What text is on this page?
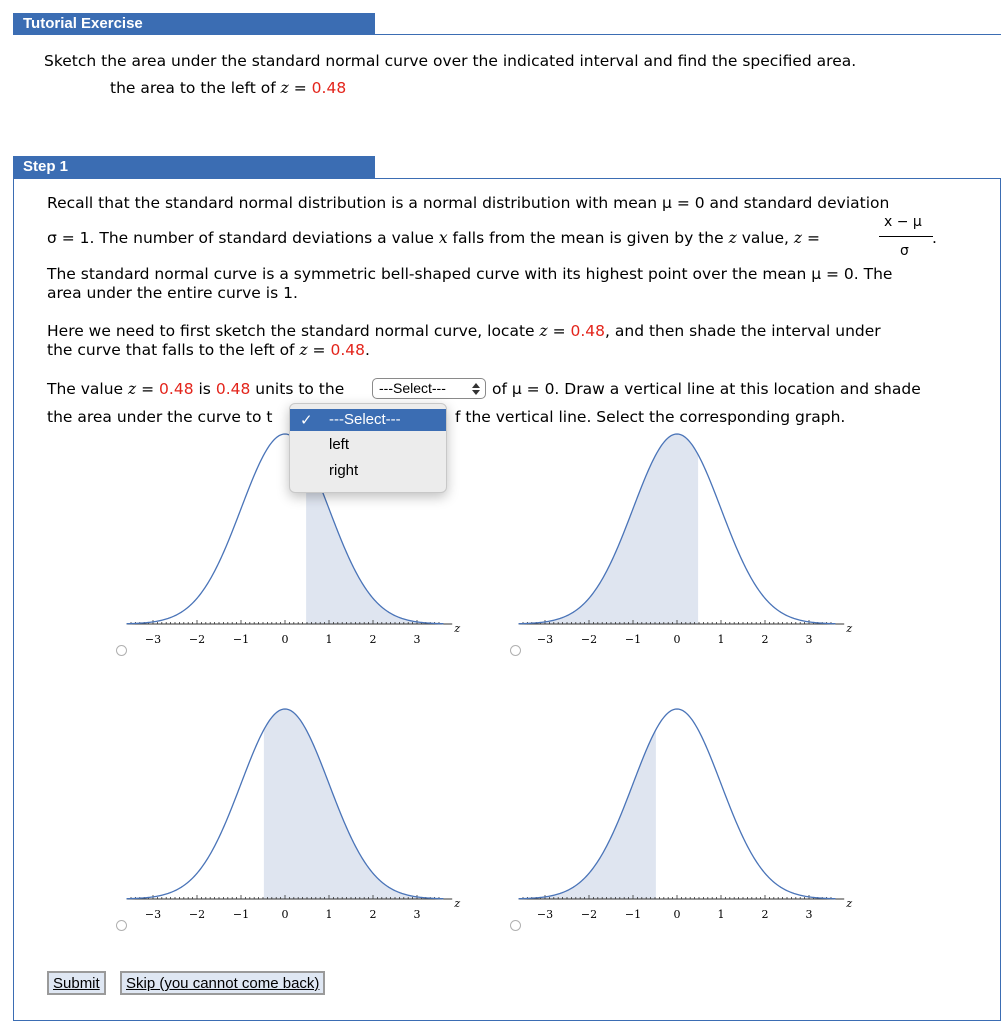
Tutorial Exercise
Sketch the area under the standard normal curve over the indicated interval and find the specified area.
the area to the left of z = 0.48
Step 1
Recall that the standard normal distribution is a normal distribution with mean μ = 0 and standard deviation
σ = 1. The number of standard deviations a value x falls from the mean is given by the z value, z =
x − μ
.
σ
The standard normal curve is a symmetric bell-shaped curve with its highest point over the mean μ = 0. The
area under the entire curve is 1.
Here we need to first sketch the standard normal curve, locate z = 0.48, and then shade the interval under
the curve that falls to the left of z = 0.48.
The value z = 0.48 is 0.48 units to the ---Select---	of μ = 0. Draw a vertical line at this location and shade
the area under the curve to t	f the vertical line. Select the corresponding graph.
−3	−2	−1	0	1	2	3
z
−3	−2	−1	0	1	2	3
z
−3	−2	−1	0	1	2	3
z
−3	−2	−1	0	1	2	3
z
✓ ---Select---
left
right
Submit	Skip (you cannot come back)
